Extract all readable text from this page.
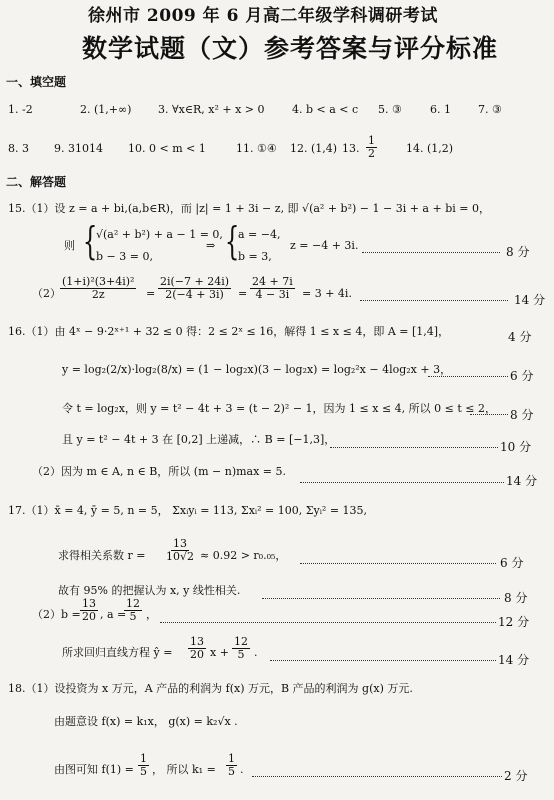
徐州市 2009 年 6 月高二年级学科调研考试
数学试题（文）参考答案与评分标准
一、填空题
1. -2	2. (1,+∞) 3. ∀x∈R, x² + x > 0	4. b < a < c 5. ③	6. 1 7. ③
8. 3 9. 31014 10. 0 < m < 1	11. ①④ 12. (1,4) 13. $\frac{1}{2}$	14. (1,2)
二、解答题
15.（1）设 z = a + bi,(a,b∈R)，而 |z| = 1 + 3i − z, 即 √(a² + b²) − 1 − 3i + a + bi = 0，
则 {
√(a² + b²) + a − 1 = 0,
b − 3 = 0,
⇒ {
a = −4,
b = 3,
z = −4 + 3i.	8 分
$(2) \frac{\text{(1+i)²(3+4i)²}}{2z} = \frac{2i(-7 + 24i)}{2(-4 + 3i)} = \frac{24 + 7i}{4 - 3i} = 3 + 4i$.	14 分
16.（1）由 4ˣ − 9·2ˣ⁺¹ + 32 ≤ 0 得：2 ≤ 2ˣ ≤ 16，解得 1 ≤ x ≤ 4，即 A = [1,4]，	4 分
y = log₂(2/x)·log₂(8/x) = (1 − log₂x)(3 − log₂x) = log₂²x − 4log₂x + 3，	6 分
令 t = log₂x，则 y = t² − 4t + 3 = (t − 2)² − 1，因为 1 ≤ x ≤ 4, 所以 0 ≤ t ≤ 2， 8 分
且 y = t² − 4t + 3 在 [0,2] 上递减，∴ B = [−1,3]，
10 分
（2）因为 m ∈ A, n ∈ B，所以 (m − n)max = 5.
14 分
17.（1）x̄ = 4, ȳ = 5, n = 5， Σxᵢyᵢ = 113, Σxᵢ² = 100, Σyᵢ² = 135,
求得相关系数 $r = \frac{13}{10√2} \approx 0.92 > r_0._{05}$，
6 分
故有 95% 的把握认为 x, y 线性相关.
8 分
$(2)b = \frac{13}{20}$ , a =
$\frac{12}{5}$ ，
12 分
所求回归直线方程 ŷ = $\frac{13}{20}$ $x + \frac{12}{5}$ .
14 分
18.（1）设投资为 x 万元，A 产品的利润为 f(x) 万元，B 产品的利润为 g(x) 万元.
由题意设 f(x) = k₁x， g(x) = k₂√x .
由图可知 $f(1) = \frac{1}{5}$ ， 所以 $k_1 = \frac{1}{5}$ .	2 分
